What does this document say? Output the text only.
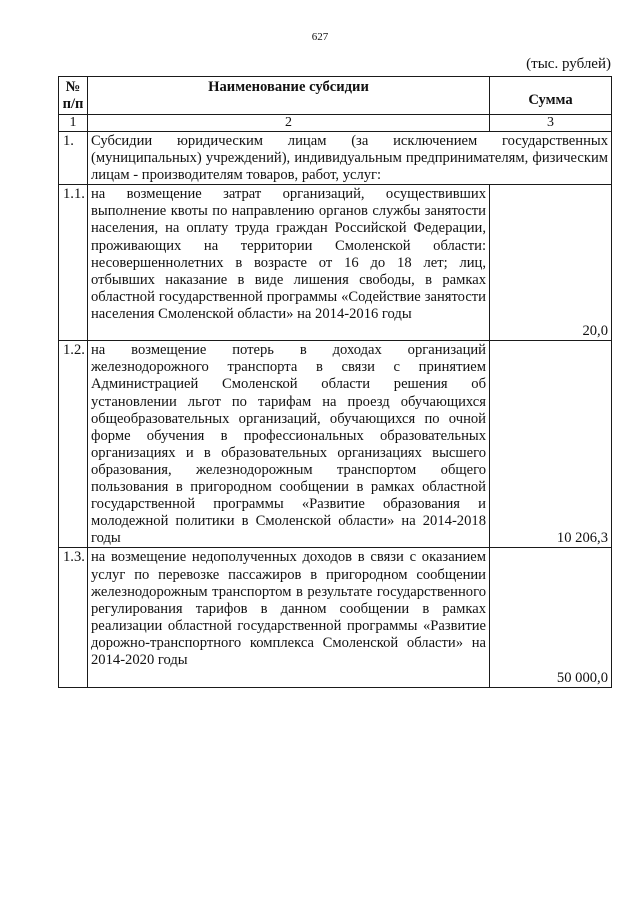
627
(тыс. рублей)
№
п/п	Наименование субсидии	Сумма
1	2	3
1.	Субсидии юридическим лицам (за исключением государственных (муниципальных) учреждений), индивидуальным предпринимателям, физическим лицам - производителям товаров, работ, услуг:	
1.1.	на возмещение затрат организаций, осуществивших выполнение квоты по направлению органов службы занятости населения, на оплату труда граждан Российской Федерации, проживающих на территории Смоленской области: несовершеннолетних в возрасте от 16 до 18 лет; лиц, отбывших наказание в виде лишения свободы, в рамках областной государственной программы «Содействие занятости населения Смоленской области» на 2014-2016 годы	20,0
1.2.	на возмещение потерь в доходах организаций железнодорожного транспорта в связи с принятием Администрацией Смоленской области решения об установлении льгот по тарифам на проезд обучающихся общеобразовательных организаций, обучающихся по очной форме обучения в профессиональных образовательных организациях и в образовательных организациях высшего образования, железнодорожным транспортом общего пользования в пригородном сообщении в рамках областной государственной программы «Развитие образования и молодежной политики в Смоленской области» на 2014-2018 годы	10 206,3
1.3.	на возмещение недополученных доходов в связи с оказанием услуг по перевозке пассажиров в пригородном сообщении железнодорожным транспортом в результате государственного регулирования тарифов в данном сообщении в рамках реализации областной государственной программы «Развитие дорожно-транспортного комплекса Смоленской области» на 2014-2020 годы	50 000,0
